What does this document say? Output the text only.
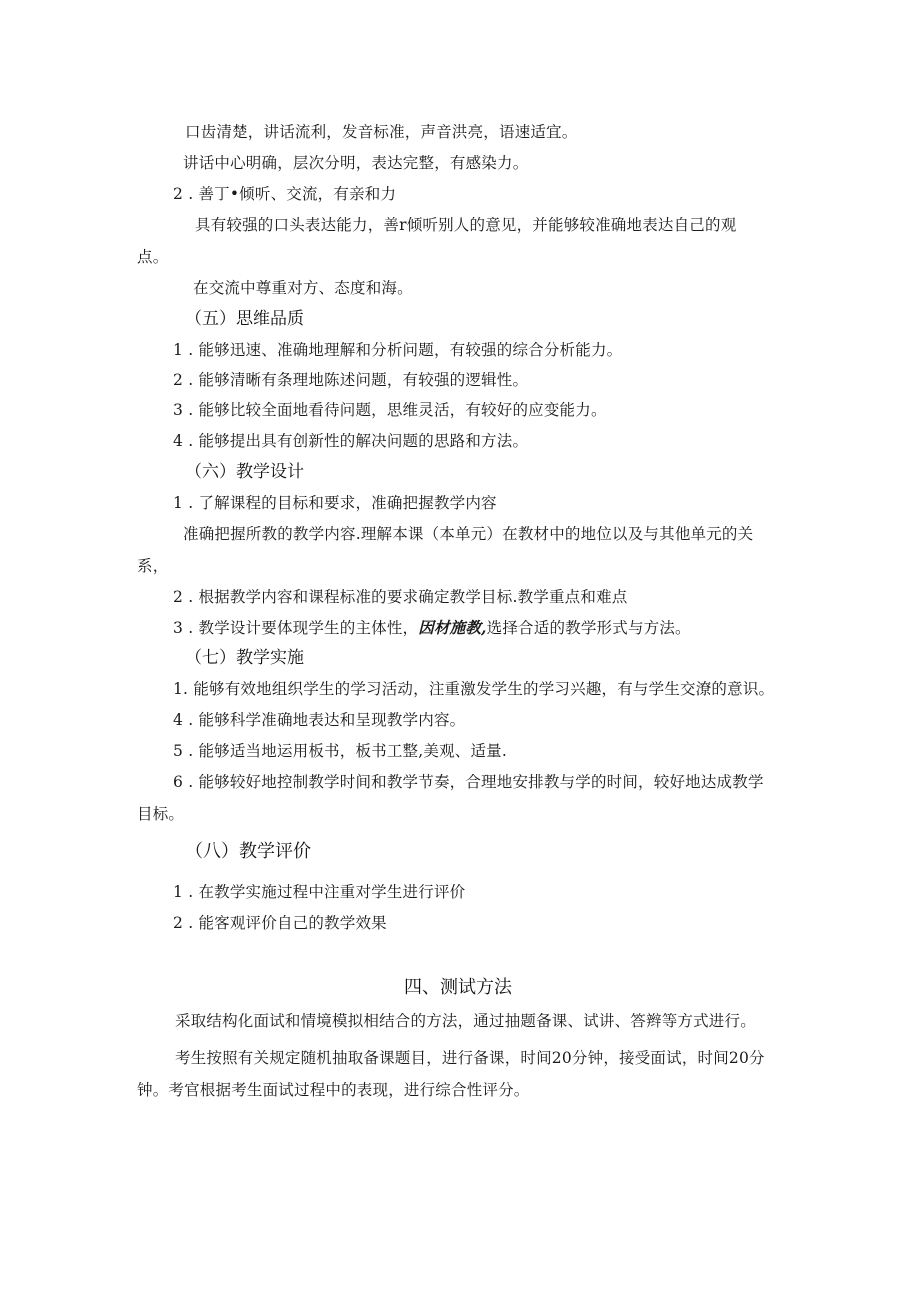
口齿清楚，讲话流利，发音标准，声音洪亮，语速适宜。
讲话中心明确，层次分明，表达完整，有感染力。
2 . 善丁•倾听、交流，有亲和力
具有较强的口头表达能力，善r倾听别人的意见，并能够较准确地表达自己的观
点。
在交流中尊重对方、态度和海。
（五）思维品质
1 . 能够迅速、准确地理解和分析问题，有较强的综合分析能力。
2 . 能够清晰有条理地陈述问题，有较强的逻辑性。
3 . 能够比较全面地看待问题，思维灵活，有较好的应变能力。
4 . 能够提出具有创新性的解决问题的思路和方法。
（六）教学设计
1 . 了解课程的目标和要求，准确把握教学内容
准确把握所教的教学内容.理解本课（本单元）在教材中的地位以及与其他单元的关
系，
2 . 根据教学内容和课程标准的要求确定教学目标.教学重点和难点
3 . 教学设计要体现学生的主体性，因材施教,选择合适的教学形式与方法。
（七）教学实施
1. 能够有效地组织学生的学习活动，注重激发学生的学习兴趣，有与学生交潦的意识。
4 . 能够科学准确地表达和呈现教学内容。
5 . 能够适当地运用板书，板书工整,美观、适量.
6 . 能够较好地控制教学时间和教学节奏，合理地安排教与学的时间，较好地达成教学
目标。
（八）教学评价
1 . 在教学实施过程中注重对学生进行评价
2 . 能客观评价自己的教学效果
四、测试方法
采取结构化面试和情境模拟相结合的方法，通过抽题备课、试讲、答辫等方式进行。
考生按照有关规定随机抽取备课题目，进行备课，时间20分钟，接受面试，时间20分
钟。考官根据考生面试过程中的表现，进行综合性评分。
